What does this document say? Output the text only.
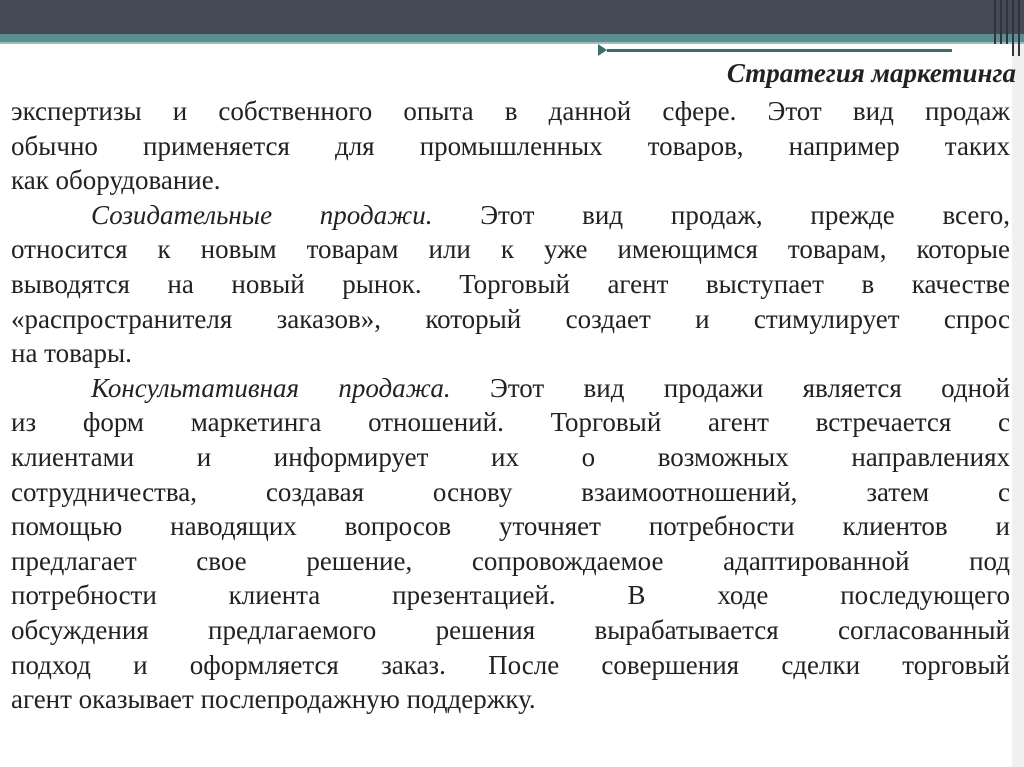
Стратегия маркетинга

экспертизы и собственного опыта в данной сфере. Этот вид продаж

обычно применяется для промышленных товаров, например таких

как оборудование.

Созидательные продажи. Этот вид продаж, прежде всего,

относится к новым товарам или к уже имеющимся товарам, которые

выводятся на новый рынок. Торговый агент выступает в качестве

«распространителя заказов», который создает и стимулирует спрос

на товары.

Консультативная продажа. Этот вид продажи является одной

из форм маркетинга отношений. Торговый агент встречается с

клиентами и информирует их о возможных направлениях

сотрудничества, создавая основу взаимоотношений, затем с

помощью наводящих вопросов уточняет потребности клиентов и

предлагает свое решение, сопровождаемое адаптированной под

потребности клиента презентацией. В ходе последующего

обсуждения предлагаемого решения вырабатывается согласованный

подход и оформляется заказ. После совершения сделки торговый

агент оказывает послепродажную поддержку.
